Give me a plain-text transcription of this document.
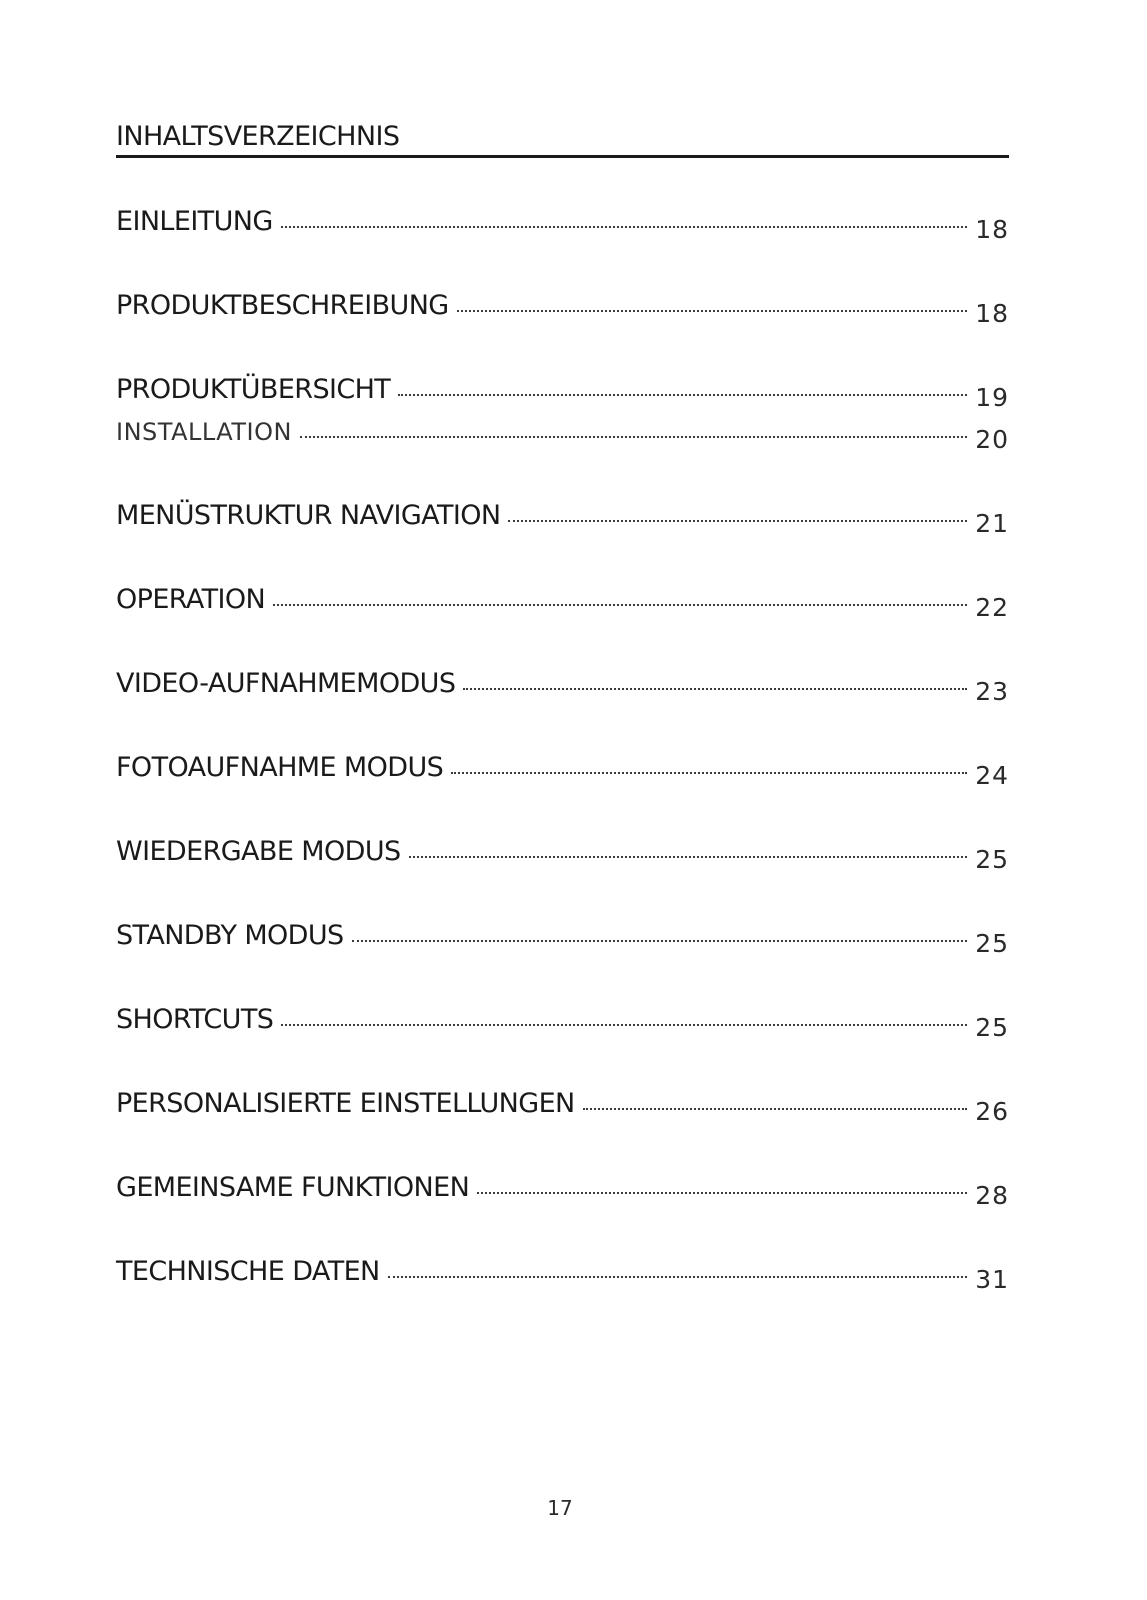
INHALTSVERZEICHNIS
EINLEITUNG	18
PRODUKTBESCHREIBUNG	18
PRODUKTÜBERSICHT	19
INSTALLATION	20
MENÜSTRUKTUR NAVIGATION	21
OPERATION	22
VIDEO-AUFNAHMEMODUS	23
FOTOAUFNAHME MODUS	24
WIEDERGABE MODUS	25
STANDBY MODUS	25
SHORTCUTS	25
PERSONALISIERTE EINSTELLUNGEN	26
GEMEINSAME FUNKTIONEN	28
TECHNISCHE DATEN	31
17
